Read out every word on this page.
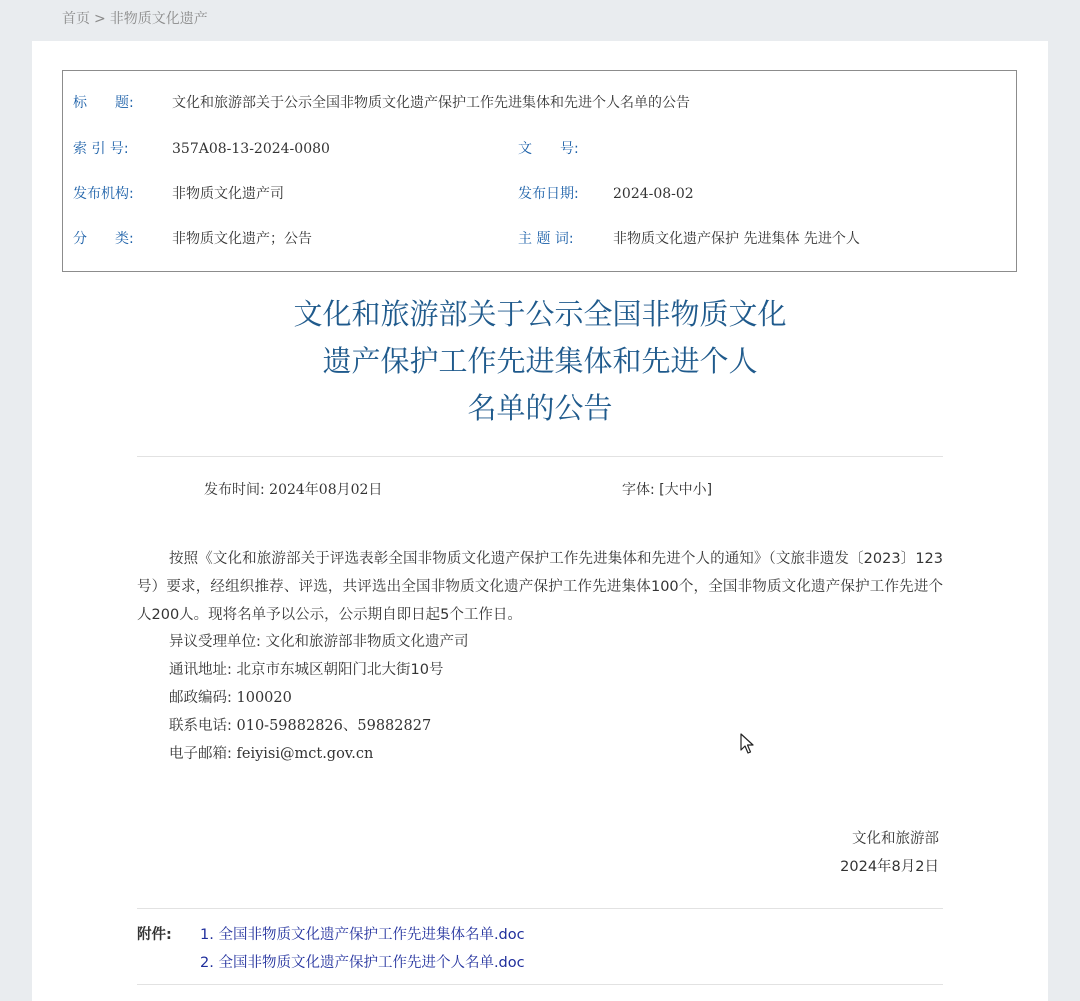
首页 > 非物质文化遗产
标　　题:	文化和旅游部关于公示全国非物质文化遗产保护工作先进集体和先进个人名单的公告
索 引 号:	357A08-13-2024-0080	文　　号:
发布机构:	非物质文化遗产司	发布日期: 2024-08-02
分　　类:	非物质文化遗产；公告	主 题 词:	非物质文化遗产保护 先进集体 先进个人
文化和旅游部关于公示全国非物质文化
遗产保护工作先进集体和先进个人
名单的公告
发布时间: 2024年08月02日	字体: [大中小]

按照《文化和旅游部关于评选表彰全国非物质文化遗产保护工作先进集体和先进个人的通知》（文旅非遗发〔2023〕123号）要求，经组织推荐、评选，共评选出全国非物质文化遗产保护工作先进集体100个，全国非物质文化遗产保护工作先进个人200人。现将名单予以公示，公示期自即日起5个工作日。

异议受理单位: 文化和旅游部非物质文化遗产司
通讯地址: 北京市东城区朝阳门北大街10号
邮政编码: 100020
联系电话: 010-59882826、59882827
电子邮箱: feiyisi@mct.gov.cn
文化和旅游部
2024年8月2日
附件: 1. 全国非物质文化遗产保护工作先进集体名单.doc
2. 全国非物质文化遗产保护工作先进个人名单.doc
